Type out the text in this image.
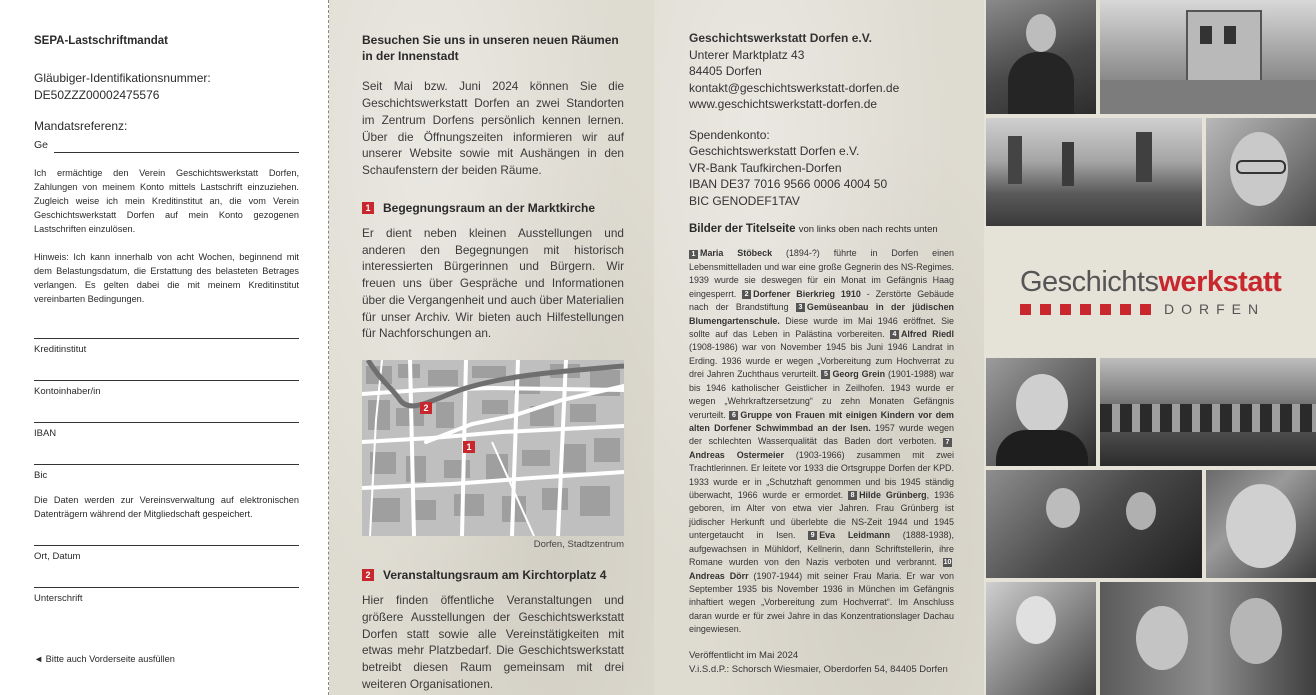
SEPA-Lastschriftmandat
Gläubiger-Identifikationsnummer:
DE50ZZZ00002475576
Mandatsreferenz:
Ge
Ich ermächtige den Verein Geschichtswerkstatt Dorfen, Zahlungen von meinem Konto mittels Lastschrift einzuziehen. Zugleich weise ich mein Kreditinstitut an, die vom Verein Geschichtswerkstatt Dorfen auf mein Konto gezogenen Lastschriften einzulösen.
Hinweis: Ich kann innerhalb von acht Wochen, beginnend mit dem Belastungsdatum, die Erstattung des belasteten Betrages verlangen. Es gelten dabei die mit meinem Kreditinstitut vereinbarten Bedingungen.
Kreditinstitut
Kontoinhaber/in
IBAN
Bic
Die Daten werden zur Vereinsverwaltung auf elektronischen Datenträgern während der Mitgliedschaft gespeichert.
Ort, Datum
Unterschrift
◄ Bitte auch Vorderseite ausfüllen
Besuchen Sie uns in unseren neuen Räumen in der Innenstadt
Seit Mai bzw. Juni 2024 können Sie die Geschichtswerkstatt Dorfen an zwei Standorten im Zentrum Dorfens persönlich kennen lernen. Über die Öffnungszeiten informieren wir auf unserer Website sowie mit Aushängen in den Schaufenstern der beiden Räume.
1 Begegnungsraum an der Marktkirche
Er dient neben kleinen Ausstellungen und anderen den Begegnungen mit historisch interessierten Bürgerinnen und Bürgern. Wir freuen uns über Gespräche und Informationen über die Vergangenheit und auch über Materialien für unser Archiv. Wir bieten auch Hilfestellungen für Nachforschungen an.
2
1
Dorfen, Stadtzentrum
2 Veranstaltungsraum am Kirchtorplatz 4
Hier finden öffentliche Veranstaltungen und größere Ausstellungen der Geschichtswerkstatt Dorfen statt sowie alle Vereinstätigkeiten mit etwas mehr Platzbedarf. Die Geschichtswerkstatt betreibt diesen Raum gemeinsam mit drei weiteren Organisationen.
Geschichtswerkstatt Dorfen e.V.
Unterer Marktplatz 43
84405 Dorfen
kontakt@geschichtswerkstatt-dorfen.de
www.geschichtswerkstatt-dorfen.de
Spendenkonto:
Geschichtswerkstatt Dorfen e.V.
VR-Bank Taufkirchen-Dorfen
IBAN DE37 7016 9566 0006 4004 50
BIC GENODEF1TAV
Bilder der Titelseite von links oben nach rechts unten
1 Maria Stöbeck (1894-?) führte in Dorfen einen Lebensmittelladen und war eine große Gegnerin des NS-Regimes. 1939 wurde sie deswegen für ein Monat im Gefängnis Haag eingesperrt. 2 Dorfener Bierkrieg 1910 - Zerstörte Gebäude nach der Brandstiftung 3 Gemüseanbau in der jüdischen Blumengartenschule. Diese wurde im Mai 1946 eröffnet. Sie sollte auf das Leben in Palästina vorbereiten. 4 Alfred Riedl (1908-1986) war von November 1945 bis Juni 1946 Landrat in Erding. 1936 wurde er wegen „Vorbereitung zum Hochverrat zu drei Jahren Zuchthaus verurteilt. 5 Georg Grein (1901-1988) war bis 1946 katholischer Geistlicher in Zeilhofen. 1943 wurde er wegen „Wehrkraftzersetzung“ zu zehn Monaten Gefängnis verurteilt. 6 Gruppe von Frauen mit einigen Kindern vor dem alten Dorfener Schwimmbad an der Isen. 1957 wurde wegen der schlechten Wasserqualität das Baden dort verboten. 7Andreas Ostermeier (1903-1966) zusammen mit zwei Trachtlerinnen. Er leitete vor 1933 die Ortsgruppe Dorfen der KPD. 1933 wurde er in „Schutzhaft genommen und bis 1945 ständig überwacht, 1966 wurde er ermordet. 8 Hilde Grünberg, 1936 geboren, im Alter von etwa vier Jahren. Frau Grünberg ist jüdischer Herkunft und überlebte die NS-Zeit 1944 und 1945 untergetaucht in Isen. 9 Eva Leidmann (1888-1938), aufgewachsen in Mühldorf, Kellnerin, dann Schriftstellerin, ihre Romane wurden von den Nazis verboten und verbrannt. 10Andreas Dörr (1907-1944) mit seiner Frau Maria. Er war von September 1935 bis November 1936 in München im Gefängnis inhaftiert wegen „Vorbereitung zum Hochverrat“. Im Anschluss daran wurde er für zwei Jahre in das Konzentrationslager Dachau eingewiesen.
Veröffentlicht im Mai 2024
V.i.S.d.P.: Schorsch Wiesmaier, Oberdorfen 54, 84405 Dorfen
Geschichtswerkstatt
DORFEN
